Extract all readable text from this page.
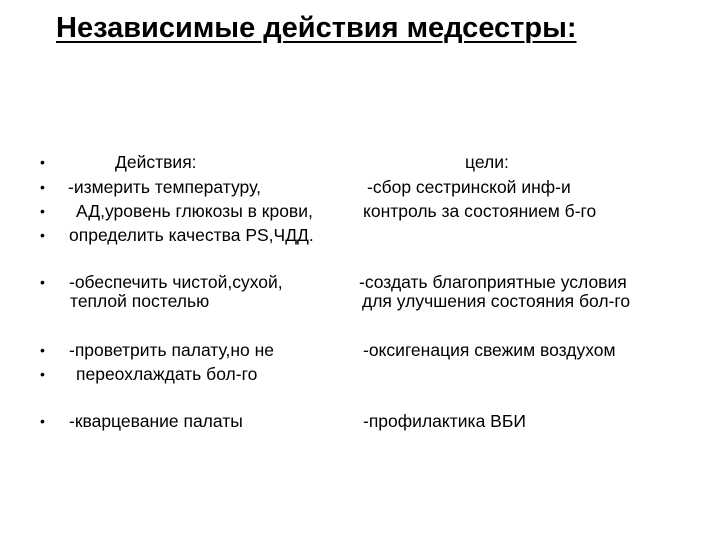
Независимые действия медсестры:
•
•
•
•
•
•
•
•
Действия:
-измерить температуру,
АД,уровень глюкозы в крови,
определить качества PS,ЧДД.
-обеспечить чистой,сухой,
теплой постелью
-проветрить палату,но не
переохлаждать бол-го
-кварцевание палаты
цели:
-сбор сестринской инф-и
контроль за состоянием б-го
-создать благоприятные условия
для улучшения состояния бол-го
-оксигенация свежим воздухом
-профилактика ВБИ
